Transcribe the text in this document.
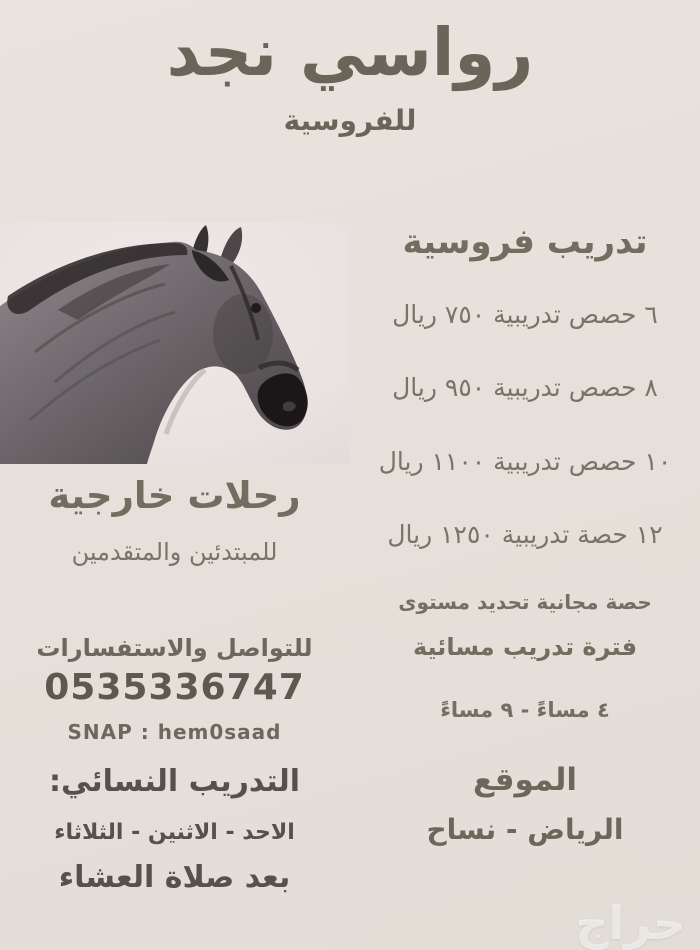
رواسي نجد
للفروسية
تدريب فروسية
٦ حصص تدريبية ٧٥٠ ريال
٨ حصص تدريبية ٩٥٠ ريال
١٠ حصص تدريبية ١١٠٠ ريال
١٢ حصة تدريبية ١٢٥٠ ريال
حصة مجانية تحديد مستوى
فترة تدريب مسائية
٤ مساءً - ٩ مساءً
الموقع
الرياض - نساح
رحلات خارجية
للمبتدئين والمتقدمين
للتواصل والاستفسارات
0535336747
SNAP : hem0saad
التدريب النسائي:
الاحد - الاثنين - الثلاثاء
بعد صلاة العشاء
حراج
